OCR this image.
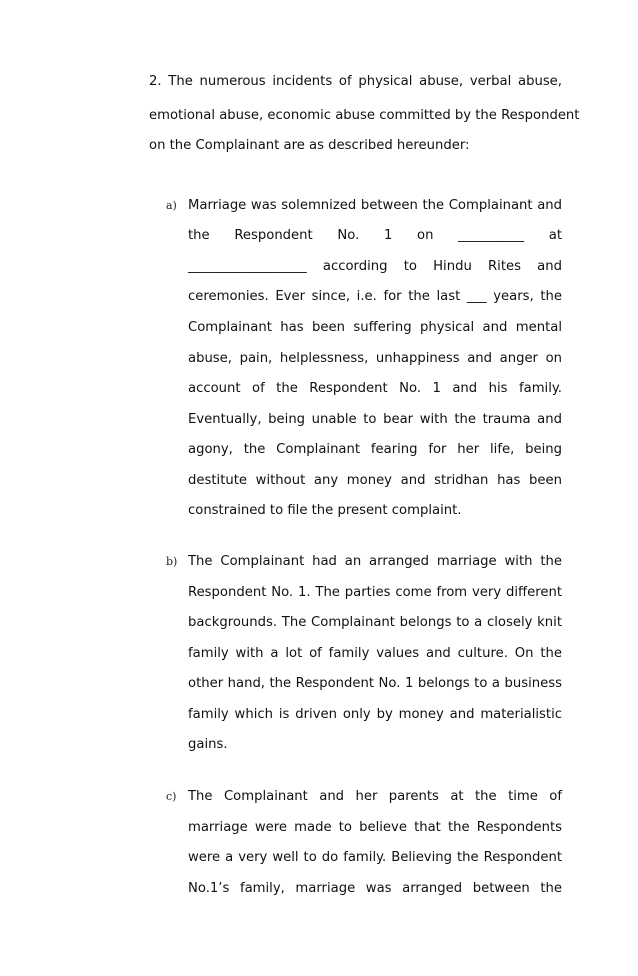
2. The numerous incidents of physical abuse, verbal abuse,
emotional abuse, economic abuse committed by the Respondent
on the Complainant are as described hereunder:
a) Marriage was solemnized between the Complainant and
the Respondent No. 1 on __________ at
__________________ according to Hindu Rites and
ceremonies. Ever since, i.e. for the last ___ years, the
Complainant has been suffering physical and mental
abuse, pain, helplessness, unhappiness and anger on
account of the Respondent No. 1 and his family.
Eventually, being unable to bear with the trauma and
agony, the Complainant fearing for her life, being
destitute without any money and stridhan has been
constrained to file the present complaint.
b) The Complainant had an arranged marriage with the
Respondent No. 1. The parties come from very different
backgrounds. The Complainant belongs to a closely knit
family with a lot of family values and culture. On the
other hand, the Respondent No. 1 belongs to a business
family which is driven only by money and materialistic
gains.
c) The Complainant and her parents at the time of
marriage were made to believe that the Respondents
were a very well to do family. Believing the Respondent
No.1’s family, marriage was arranged between the
